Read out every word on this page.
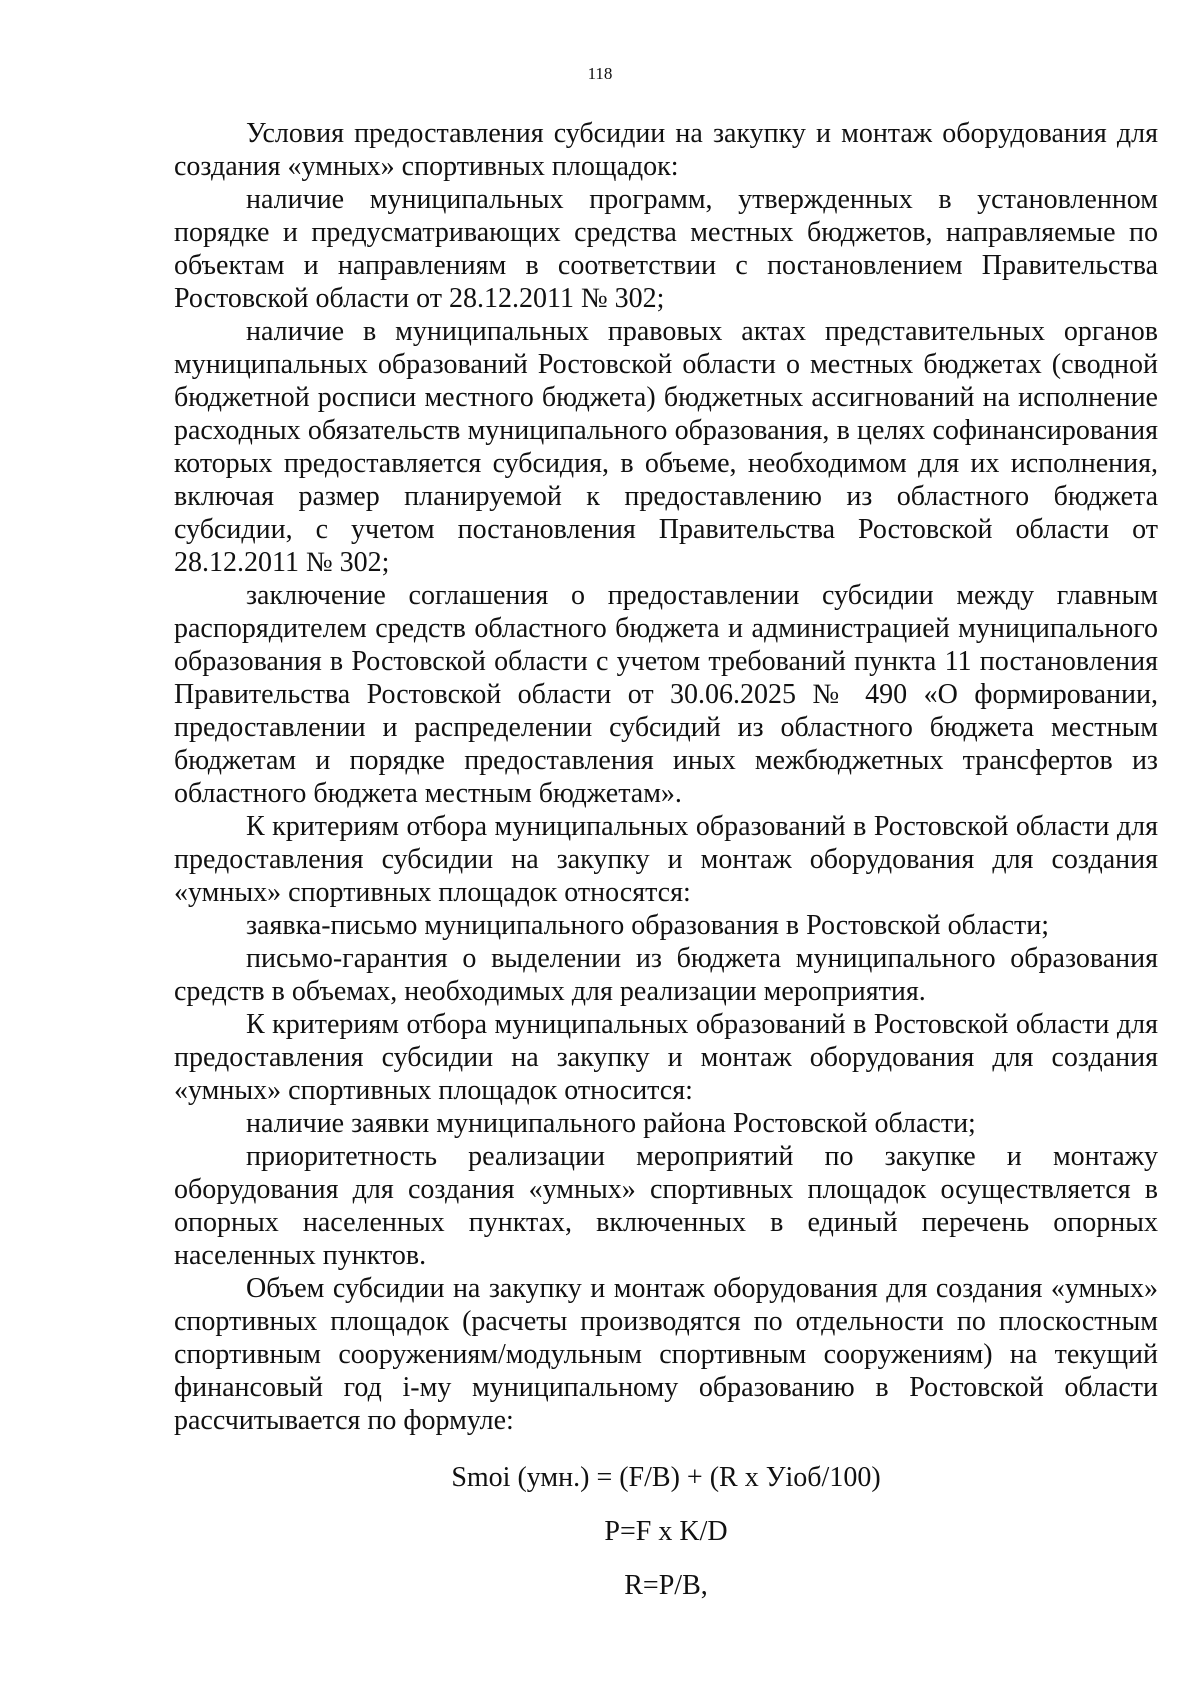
118

Условия предоставления субсидии на закупку и монтаж оборудования для создания «умных» спортивных площадок:

наличие муниципальных программ, утвержденных в установленном порядке и предусматривающих средства местных бюджетов, направляемые по объектам и направлениям в соответствии с постановлением Правительства Ростовской области от 28.12.2011 № 302;

наличие в муниципальных правовых актах представительных органов муниципальных образований Ростовской области о местных бюджетах (сводной бюджетной росписи местного бюджета) бюджетных ассигнований на исполнение расходных обязательств муниципального образования, в целях софинансирования которых предоставляется субсидия, в объеме, необходимом для их исполнения, включая размер планируемой к предоставлению из областного бюджета субсидии, с учетом постановления Правительства Ростовской области от 28.12.2011 № 302;

заключение соглашения о предоставлении субсидии между главным распорядителем средств областного бюджета и администрацией муниципального образования в Ростовской области с учетом требований пункта 11 постановления Правительства Ростовской области от 30.06.2025 № 490 «О формировании, предоставлении и распределении субсидий из областного бюджета местным бюджетам и порядке предоставления иных межбюджетных трансфертов из областного бюджета местным бюджетам».

К критериям отбора муниципальных образований в Ростовской области для предоставления субсидии на закупку и монтаж оборудования для создания «умных» спортивных площадок относятся:

заявка-письмо муниципального образования в Ростовской области;

письмо-гарантия о выделении из бюджета муниципального образования средств в объемах, необходимых для реализации мероприятия.

К критериям отбора муниципальных образований в Ростовской области для предоставления субсидии на закупку и монтаж оборудования для создания «умных» спортивных площадок относится:

наличие заявки муниципального района Ростовской области;

приоритетность реализации мероприятий по закупке и монтажу оборудования для создания «умных» спортивных площадок осуществляется в опорных населенных пунктах, включенных в единый перечень опорных населенных пунктов.

Объем субсидии на закупку и монтаж оборудования для создания «умных» спортивных площадок (расчеты производятся по отдельности по плоскостным спортивным сооружениям/модульным спортивным сооружениям) на текущий финансовый год i-му муниципальному образованию в Ростовской области рассчитывается по формуле:

Smoi (умн.) = (F/B) + (R x Уioб/100)

P=F x K/D

R=P/B,
